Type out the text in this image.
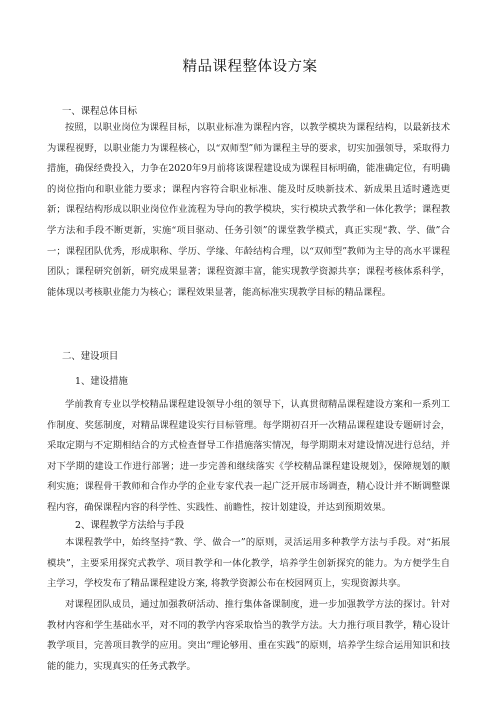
精品课程整体设方案
一、课程总体目标
按照，以职业岗位为课程目标，以职业标准为课程内容，以教学模块为课程结构，以最新技术为课程视野，以职业能力为课程核心，以“双师型”师为课程主导的要求，切实加强领导，采取得力措施，确保经费投入，力争在2020年9月前将该课程建设成为课程目标明确，能准确定位，有明确的岗位指向和职业能力要求；课程内容符合职业标准、能及时反映新技术、新成果且适时遴选更新；课程结构形成以职业岗位作业流程为导向的教学模块，实行模块式教学和一体化教学；课程教学方法和手段不断更新，实施“项目驱动、任务引领”的课堂教学模式，真正实现“教、学、做”合一；课程团队优秀，形成职称、学历、学缘、年龄结构合理，以“双师型”教师为主导的高水平课程团队；课程研究创新，研究成果显著；课程资源丰富，能实现教学资源共享；课程考核体系科学，能体现以考核职业能力为核心；课程效果显著，能高标准实现教学目标的精品课程。
二、建设项目
1、建设措施
学前教育专业以学校精品课程建设领导小组的领导下，认真贯彻精品课程建设方案和一系列工作制度、奖惩制度，对精品课程建设实行目标管理。每学期初召开一次精品课程建设专题研讨会，采取定期与不定期相结合的方式检查督导工作措施落实情况，每学期期末对建设情况进行总结，并对下学期的建设工作进行部署；进一步完善和继续落实《学校精品课程建设规划》，保障规划的顺利实施；课程骨干教师和合作办学的企业专家代表一起广泛开展市场调查，精心设计并不断调整课程内容，确保课程内容的科学性、实践性、前瞻性，按计划建设，并达到预期效果。
2、课程教学方法给与手段
本课程教学中，始终坚持“教、学、做合一”的原则，灵活运用多种教学方法与手段。对“拓展模块”，主要采用探究式教学、项目教学和一体化教学，培养学生创新探究的能力。为方便学生自主学习，学校发布了精品课程建设方案, 将教学资源公布在校园网页上，实现资源共享。
对课程团队成员，通过加强教研活动、推行集体备课制度，进一步加强教学方法的探讨。针对教材内容和学生基础水平，对不同的教学内容采取恰当的教学方法。大力推行项目教学，精心设计教学项目，完善项目教学的应用。突出“理论够用、重在实践”的原则，培养学生综合运用知识和技能的能力，实现真实的任务式教学。
